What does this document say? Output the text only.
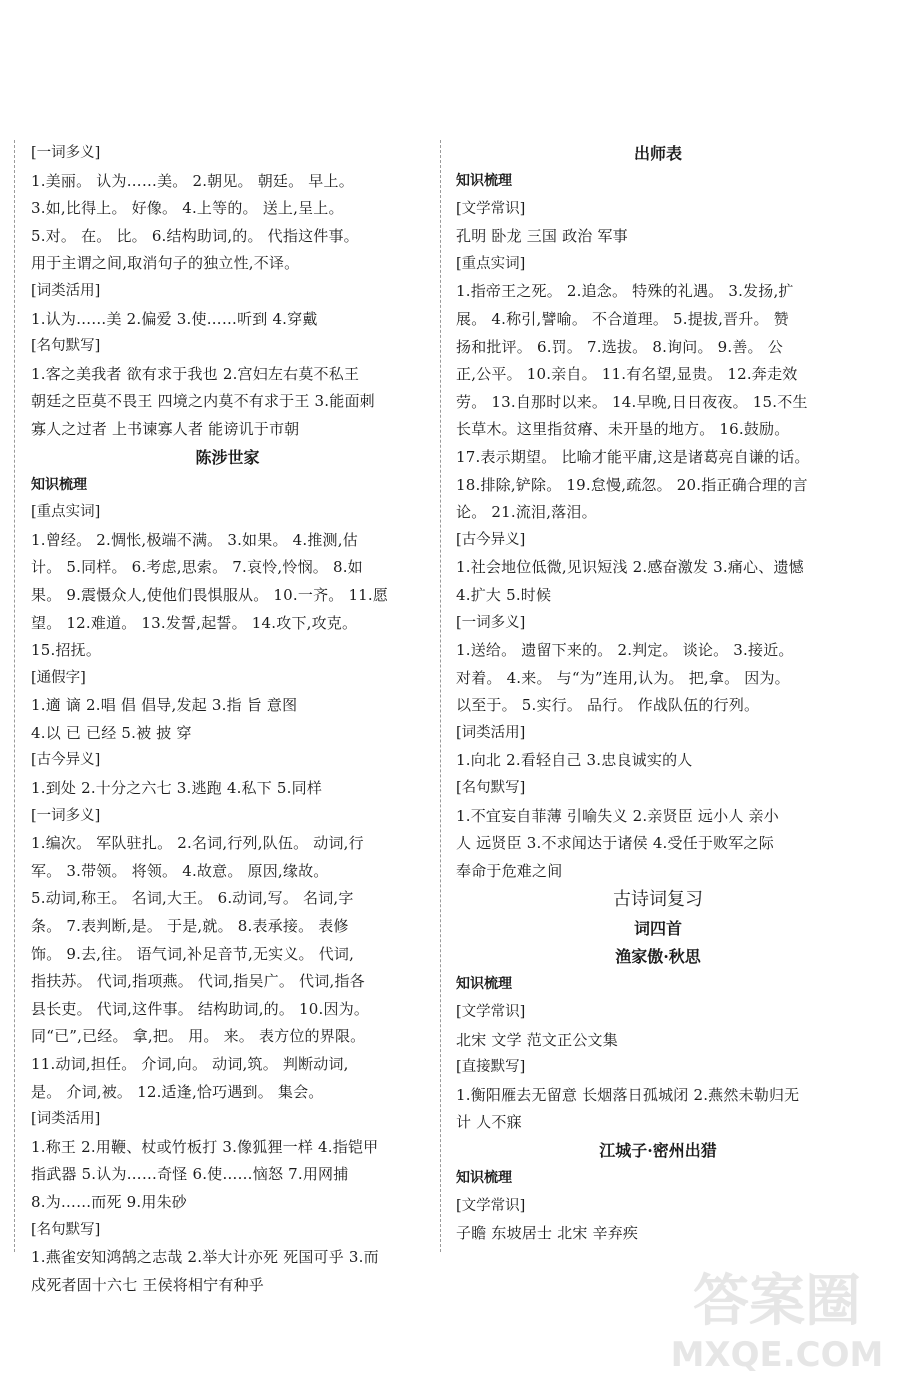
[一词多义]
1.美丽。 认为……美。 2.朝见。 朝廷。 早上。
3.如,比得上。 好像。 4.上等的。 送上,呈上。
5.对。 在。 比。 6.结构助词,的。 代指这件事。
用于主谓之间,取消句子的独立性,不译。
[词类活用]
1.认为……美 2.偏爱 3.使……听到 4.穿戴
[名句默写]
1.客之美我者 欲有求于我也 2.宫妇左右莫不私王
朝廷之臣莫不畏王 四境之内莫不有求于王 3.能面刺
寡人之过者 上书谏寡人者 能谤讥于市朝
陈涉世家
知识梳理
[重点实词]
1.曾经。 2.惆怅,极端不满。 3.如果。 4.推测,估
计。 5.同样。 6.考虑,思索。 7.哀怜,怜悯。 8.如
果。 9.震慑众人,使他们畏惧服从。 10.一齐。 11.愿
望。 12.难道。 13.发誓,起誓。 14.攻下,攻克。
15.招抚。
[通假字]
1.適 谪 2.唱 倡 倡导,发起 3.指 旨 意图
4.以 已 已经 5.被 披 穿
[古今异义]
1.到处 2.十分之六七 3.逃跑 4.私下 5.同样
[一词多义]
1.编次。 军队驻扎。 2.名词,行列,队伍。 动词,行
军。 3.带领。 将领。 4.故意。 原因,缘故。
5.动词,称王。 名词,大王。 6.动词,写。 名词,字
条。 7.表判断,是。 于是,就。 8.表承接。 表修
饰。 9.去,往。 语气词,补足音节,无实义。 代词,
指扶苏。 代词,指项燕。 代词,指吴广。 代词,指各
县长吏。 代词,这件事。 结构助词,的。 10.因为。
同“已”,已经。 拿,把。 用。 来。 表方位的界限。
11.动词,担任。 介词,向。 动词,筑。 判断动词,
是。 介词,被。 12.适逢,恰巧遇到。 集会。
[词类活用]
1.称王 2.用鞭、杖或竹板打 3.像狐狸一样 4.指铠甲
指武器 5.认为……奇怪 6.使……恼怒 7.用网捕
8.为……而死 9.用朱砂
[名句默写]
1.燕雀安知鸿鹄之志哉 2.举大计亦死 死国可乎 3.而
戍死者固十六七 王侯将相宁有种乎
出师表
知识梳理
[文学常识]
孔明 卧龙 三国 政治 军事
[重点实词]
1.指帝王之死。 2.追念。 特殊的礼遇。 3.发扬,扩
展。 4.称引,譬喻。 不合道理。 5.提拔,晋升。 赞
扬和批评。 6.罚。 7.选拔。 8.询问。 9.善。 公
正,公平。 10.亲自。 11.有名望,显贵。 12.奔走效
劳。 13.自那时以来。 14.早晚,日日夜夜。 15.不生
长草木。这里指贫瘠、未开垦的地方。 16.鼓励。
17.表示期望。 比喻才能平庸,这是诸葛亮自谦的话。
18.排除,铲除。 19.怠慢,疏忽。 20.指正确合理的言
论。 21.流泪,落泪。
[古今异义]
1.社会地位低微,见识短浅 2.感奋激发 3.痛心、遗憾
4.扩大 5.时候
[一词多义]
1.送给。 遗留下来的。 2.判定。 谈论。 3.接近。
对着。 4.来。 与“为”连用,认为。 把,拿。 因为。
以至于。 5.实行。 品行。 作战队伍的行列。
[词类活用]
1.向北 2.看轻自己 3.忠良诚实的人
[名句默写]
1.不宜妄自菲薄 引喻失义 2.亲贤臣 远小人 亲小
人 远贤臣 3.不求闻达于诸侯 4.受任于败军之际
奉命于危难之间
古诗词复习
词四首
渔家傲·秋思
知识梳理
[文学常识]
北宋 文学 范文正公文集
[直接默写]
1.衡阳雁去无留意 长烟落日孤城闭 2.燕然未勒归无
计 人不寐
江城子·密州出猎
知识梳理
[文学常识]
子瞻 东坡居士 北宋 辛弃疾
答案圈
MXQE.COM
